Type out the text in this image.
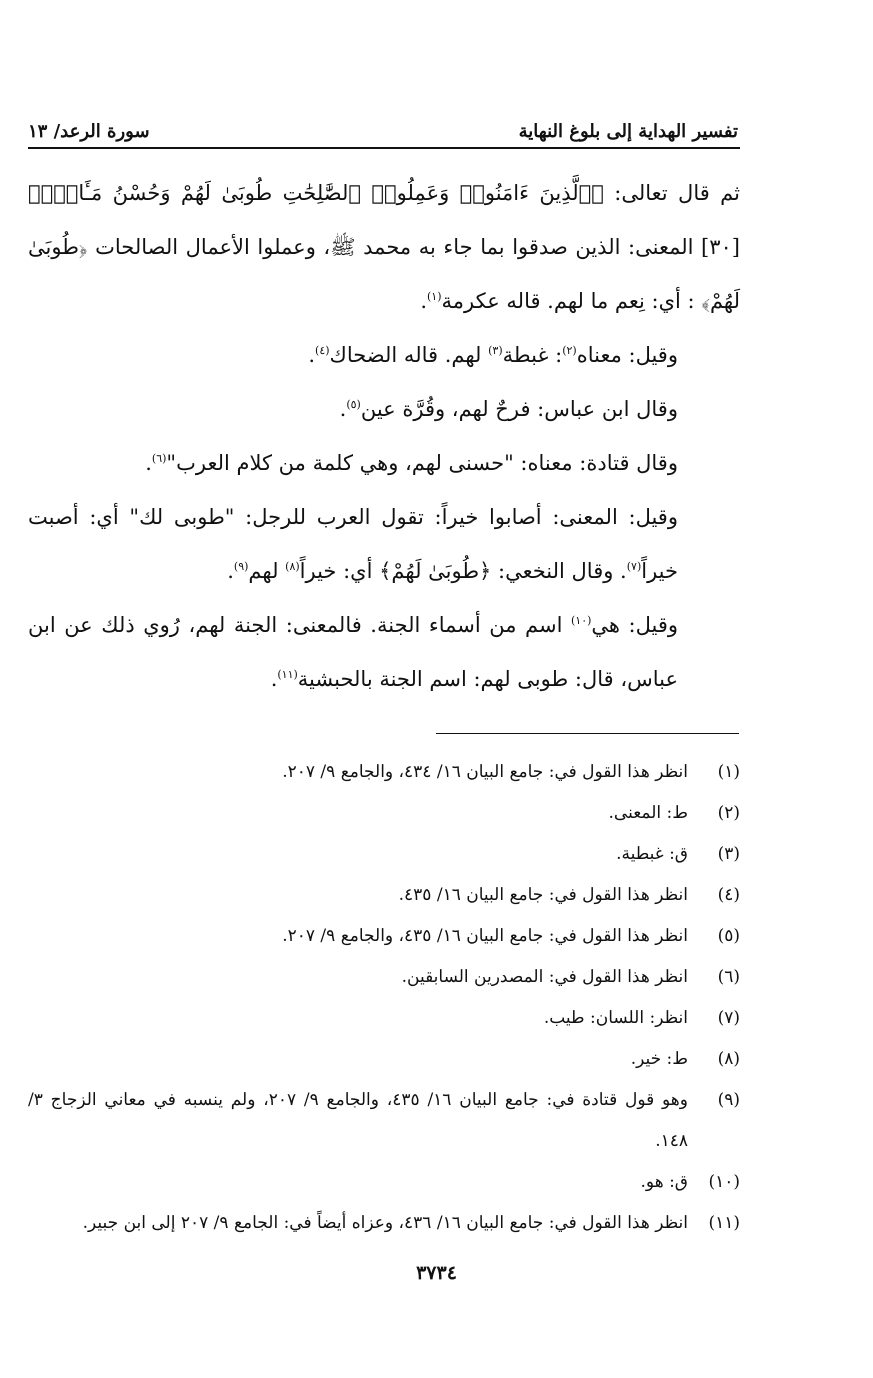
تفسير الهداية إلى بلوغ النهاية
سورة الرعد/ ١٣

ثم قال تعالى: ﴿ٱلَّذِينَ ءَامَنُوا۟ وَعَمِلُوا۟ ٱلصَّٰلِحَٰتِ طُوبَىٰ لَهُمْ وَحُسْنُ مَـَٔابٍۢ﴾ [٣٠] المعنى: الذين صدقوا بما جاء به محمد ﷺ، وعملوا الأعمال الصالحات ﴿طُوبَىٰ لَهُمْ﴾ : أي: نِعم ما لهم. قاله عكرمة$^{(١)}$.

وقيل: معناه$^{(٢)}$: غبطة$^{(٣)}$ لهم. قاله الضحاك$^{(٤)}$.

وقال ابن عباس: فرحٌ لهم، وقُرَّة عين$^{(٥)}$.

وقال قتادة: معناه: "حسنى لهم، وهي كلمة من كلام العرب"$^{(٦)}$.

وقيل: المعنى: أصابوا خيراً: تقول العرب للرجل: "طوبى لك" أي: أصبت خيراً$^{(٧)}$. وقال النخعي: ﴿طُوبَىٰ لَهُمْ﴾ أي: خيراً$^{(٨)}$ لهم$^{(٩)}$.

وقيل: هي$^{(١٠)}$ اسم من أسماء الجنة. فالمعنى: الجنة لهم، رُوي ذلك عن ابن عباس، قال: طوبى لهم: اسم الجنة بالحبشية$^{(١١)}$.

(١)
انظر هذا القول في: جامع البيان ١٦/ ٤٣٤، والجامع ٩/ ٢٠٧.
(٢)
ط: المعنى.
(٣)
ق: غبطية.
(٤)
انظر هذا القول في: جامع البيان ١٦/ ٤٣٥.
(٥)
انظر هذا القول في: جامع البيان ١٦/ ٤٣٥، والجامع ٩/ ٢٠٧.
(٦)
انظر هذا القول في: المصدرين السابقين.
(٧)
انظر: اللسان: طيب.
(٨)
ط: خير.
(٩)
وهو قول قتادة في: جامع البيان ١٦/ ٤٣٥، والجامع ٩/ ٢٠٧، ولم ينسبه في معاني الزجاج ٣/ ١٤٨.
(١٠)
ق: هو.
(١١)
انظر هذا القول في: جامع البيان ١٦/ ٤٣٦، وعزاه أيضاً في: الجامع ٩/ ٢٠٧ إلى ابن جبير.
٣٧٣٤
